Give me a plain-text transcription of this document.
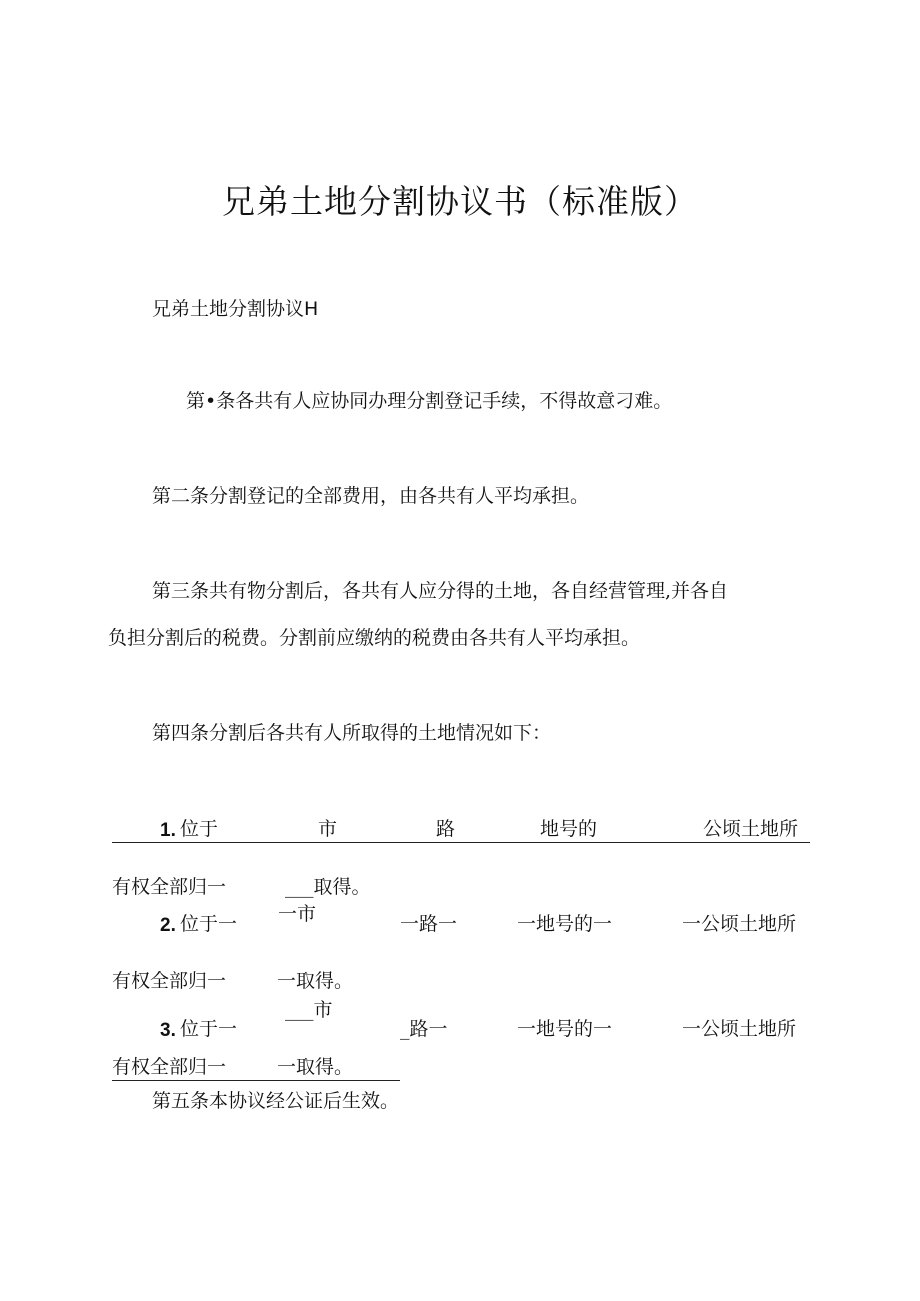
兄弟土地分割协议书（标准版）
兄弟土地分割协议H
第•条各共有人应协同办理分割登记手续，不得故意刁难。
第二条分割登记的全部费用，由各共有人平均承担。
第三条共有物分割后，各共有人应分得的土地，各自经营管理,并各自
负担分割后的税费。分割前应缴纳的税费由各共有人平均承担。
第四条分割后各共有人所取得的土地情况如下：
1. 位于	市	路	地号的	公顷土地所
有权全部归一	___取得。
2. 位于一 一市	一路一	一地号的一	一公顷土地所
有权全部归一	一取得。
3. 位于一
___市
_路一	一地号的一	一公顷土地所
有权全部归一	一取得。
第五条本协议经公证后生效。
